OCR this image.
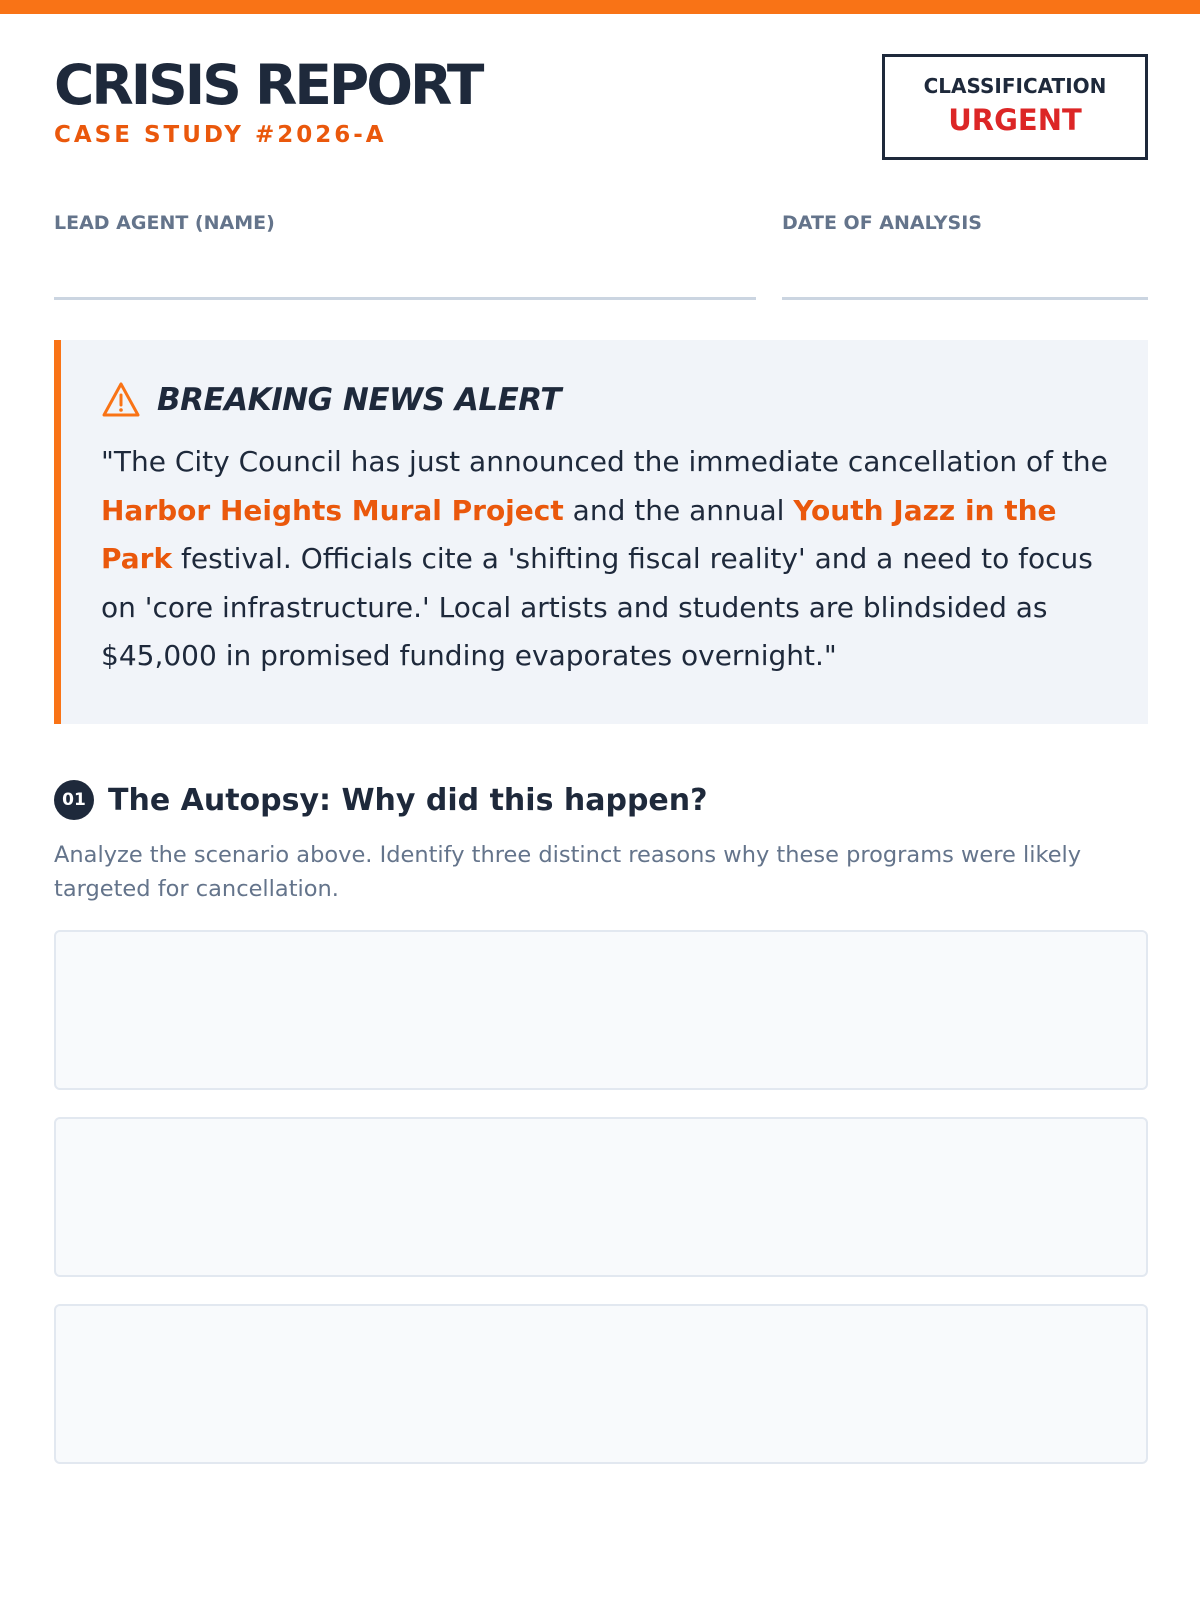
CRISIS REPORT
CASE STUDY #2026-A
CLASSIFICATION
URGENT
LEAD AGENT (NAME)	DATE OF ANALYSIS
BREAKING NEWS ALERT

"The City Council has just announced the immediate cancellation of the Harbor Heights Mural Project and the annual Youth Jazz in the Park festival. Officials cite a 'shifting fiscal reality' and a need to focus on 'core infrastructure.' Local artists and students are blindsided as $45,000 in promised funding evaporates overnight."

01 The Autopsy: Why did this happen?

Analyze the scenario above. Identify three distinct reasons why these programs were likely targeted for cancellation.
